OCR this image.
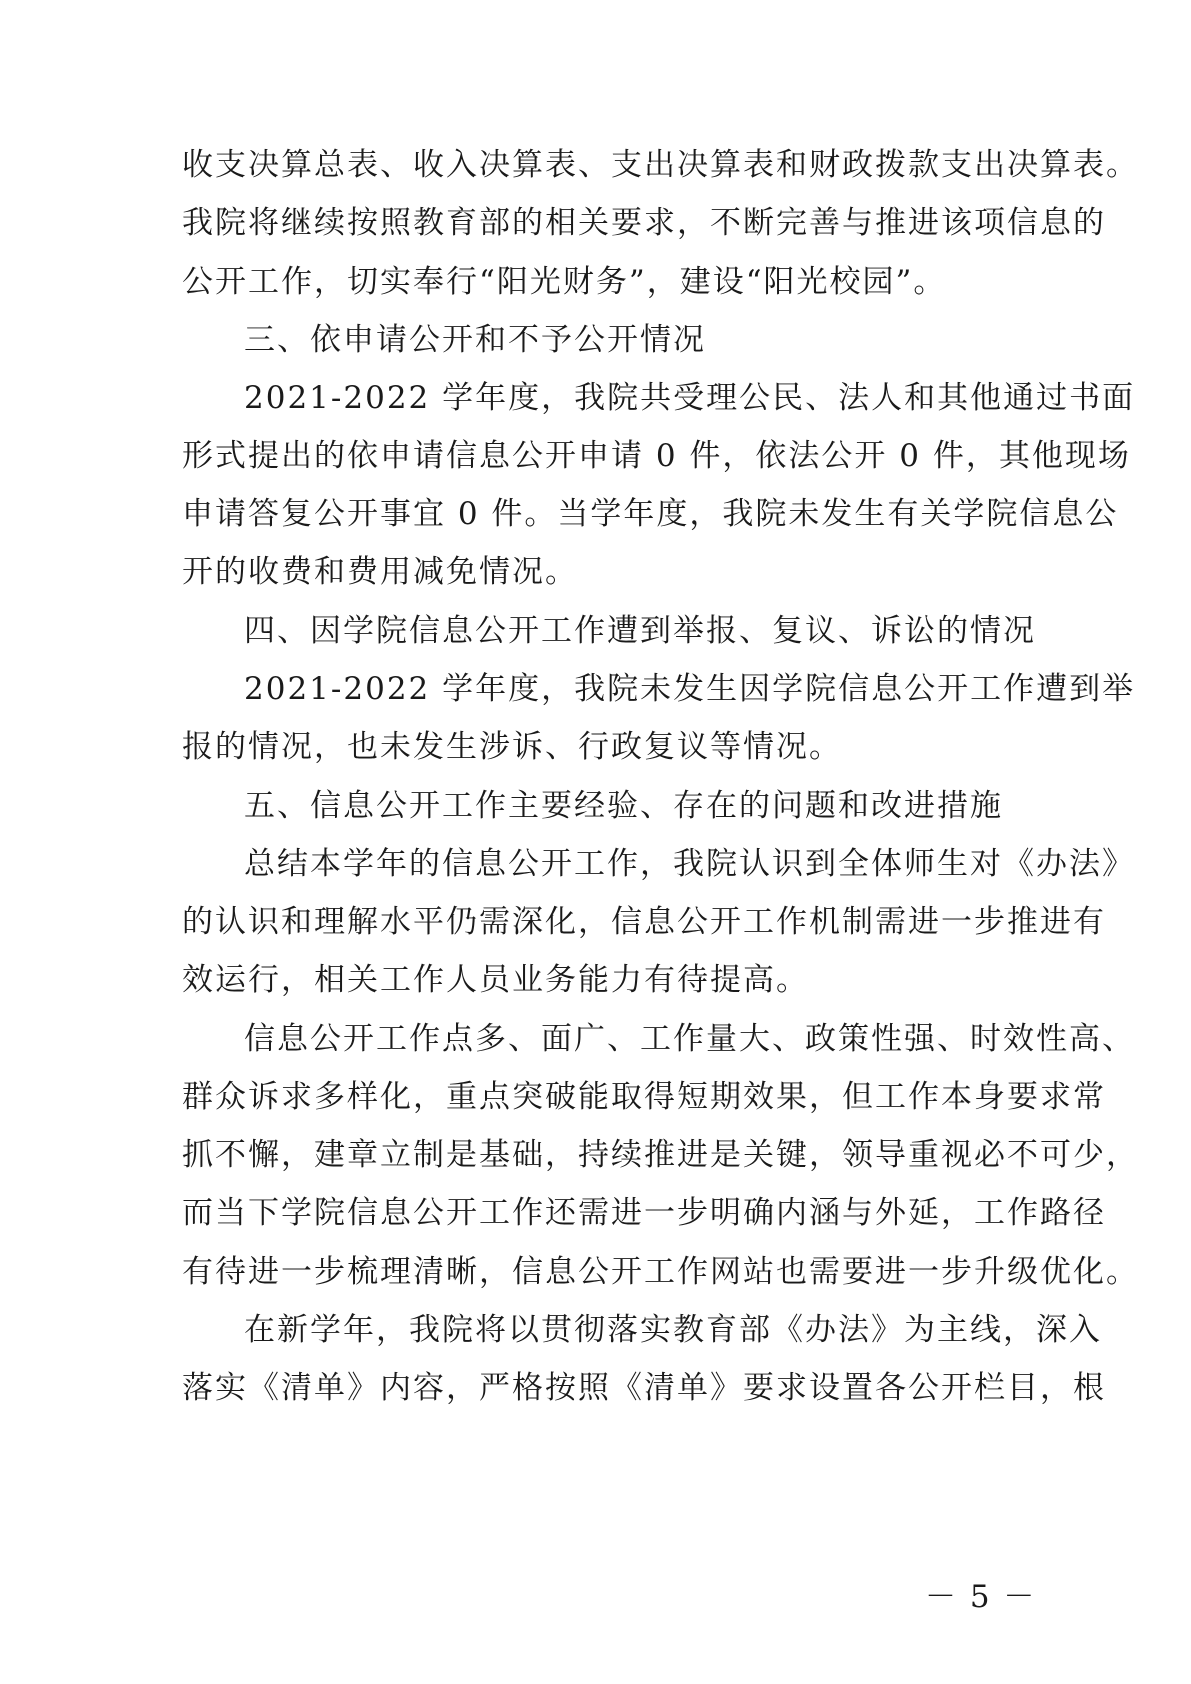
收支决算总表、收入决算表、支出决算表和财政拨款支出决算表。
我院将继续按照教育部的相关要求，不断完善与推进该项信息的
公开工作，切实奉行“阳光财务”，建设“阳光校园”。
三、依申请公开和不予公开情况
2021-2022 学年度，我院共受理公民、法人和其他通过书面
形式提出的依申请信息公开申请 0 件，依法公开 0 件，其他现场
申请答复公开事宜 0 件。当学年度，我院未发生有关学院信息公
开的收费和费用减免情况。
四、因学院信息公开工作遭到举报、复议、诉讼的情况
2021-2022 学年度，我院未发生因学院信息公开工作遭到举
报的情况，也未发生涉诉、行政复议等情况。
五、信息公开工作主要经验、存在的问题和改进措施
总结本学年的信息公开工作，我院认识到全体师生对《办法》
的认识和理解水平仍需深化，信息公开工作机制需进一步推进有
效运行，相关工作人员业务能力有待提高。
信息公开工作点多、面广、工作量大、政策性强、时效性高、
群众诉求多样化，重点突破能取得短期效果，但工作本身要求常
抓不懈，建章立制是基础，持续推进是关键，领导重视必不可少，
而当下学院信息公开工作还需进一步明确内涵与外延，工作路径
有待进一步梳理清晰，信息公开工作网站也需要进一步升级优化。
在新学年，我院将以贯彻落实教育部《办法》为主线，深入
落实《清单》内容，严格按照《清单》要求设置各公开栏目，根
－ 5 －
